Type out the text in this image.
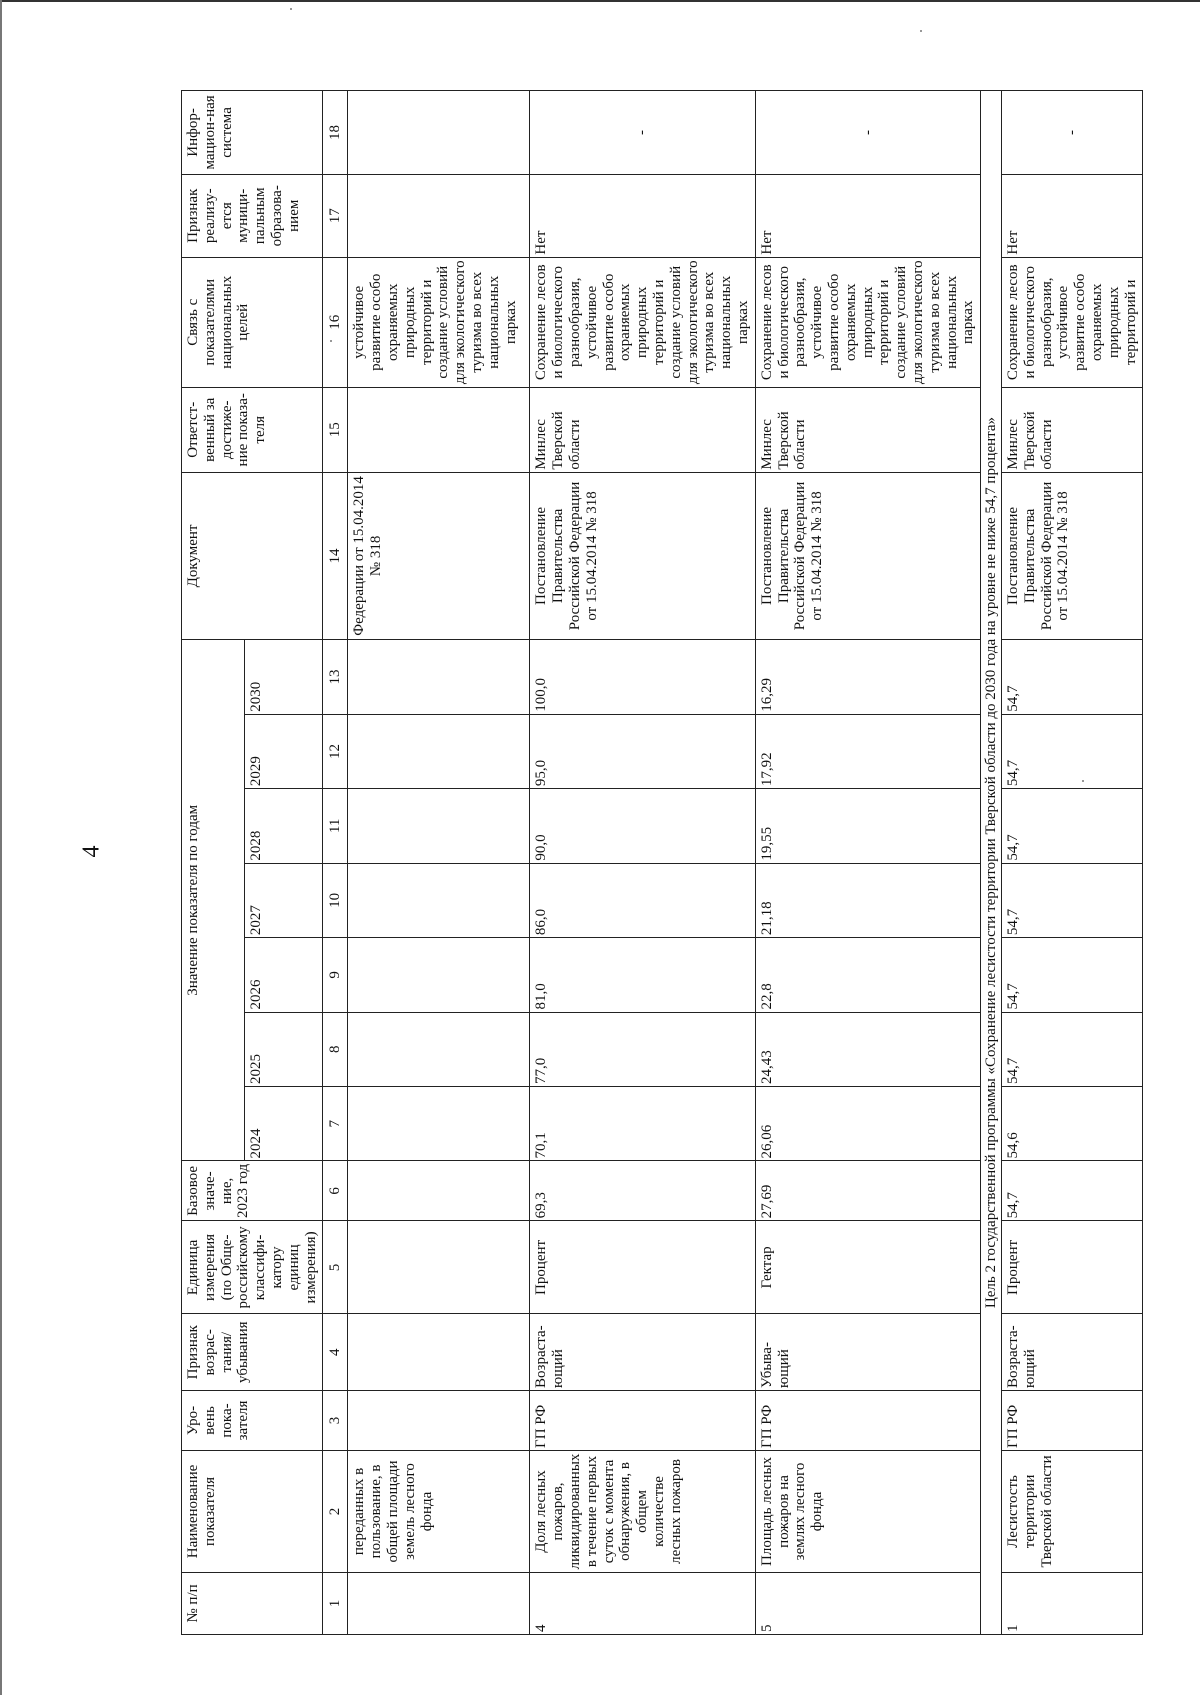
4
№ п/п	Наименование показателя	Уро-вень пока-зателя	Признак возрас-тания/ убывания	Единица измерения (по Обще-российскому классифи-катору единиц измерения)	Базовое значе-ние, 2023 год	Значение показателя по годам							Документ	Ответст-венный за достиже-ние показа-теля	Связь с показателями национальных целей	Признак реализу-ется муници-пальным образова-нием	Инфор-мацион-ная система
						2024	2025	2026	2027	2028	2029	2030					
1	2	3	4	5	6	7	8	9	10	11	12	13	14	15	16	17	18
	переданных в пользование, в общей площади земель лесного фонда												Федерации от 15.04.2014 № 318		устойчивое развитие особо охраняемых природных территорий и создание условий для экологического туризма во всех национальных парках		
4	Доля лесных пожаров, ликвидированных в течение первых суток с момента обнаружения, в общем количестве лесных пожаров	ГП РФ	Возраста-ющий	Процент	69,3	70,1	77,0	81,0	86,0	90,0	95,0	100,0	Постановление Правительства Российской Федерации от 15.04.2014 № 318	Минлес Тверской области	Сохранение лесов и биологического разнообразия, устойчивое развитие особо охраняемых природных территорий и создание условий для экологического туризма во всех национальных парках	Нет	-
5	Площадь лесных пожаров на землях лесного фонда	ГП РФ	Убыва-ющий	Гектар	27,69	26,06	24,43	22,8	21,18	19,55	17,92	16,29	Постановление Правительства Российской Федерации от 15.04.2014 № 318	Минлес Тверской области	Сохранение лесов и биологического разнообразия, устойчивое развитие особо охраняемых природных территорий и создание условий для экологического туризма во всех национальных парках	Нет	-
Цель 2 государственной программы «Сохранение лесистости территории Тверской области до 2030 года на уровне не ниже 54,7 процента»																	
1	Лесистость территории Тверской области	ГП РФ	Возраста-ющий	Процент	54,7	54,6	54,7	54,7	54,7	54,7	54,7	54,7	Постановление Правительства Российской Федерации от 15.04.2014 № 318	Минлес Тверской области	Сохранение лесов и биологического разнообразия, устойчивое развитие особо охраняемых природных территорий и	Нет	-
